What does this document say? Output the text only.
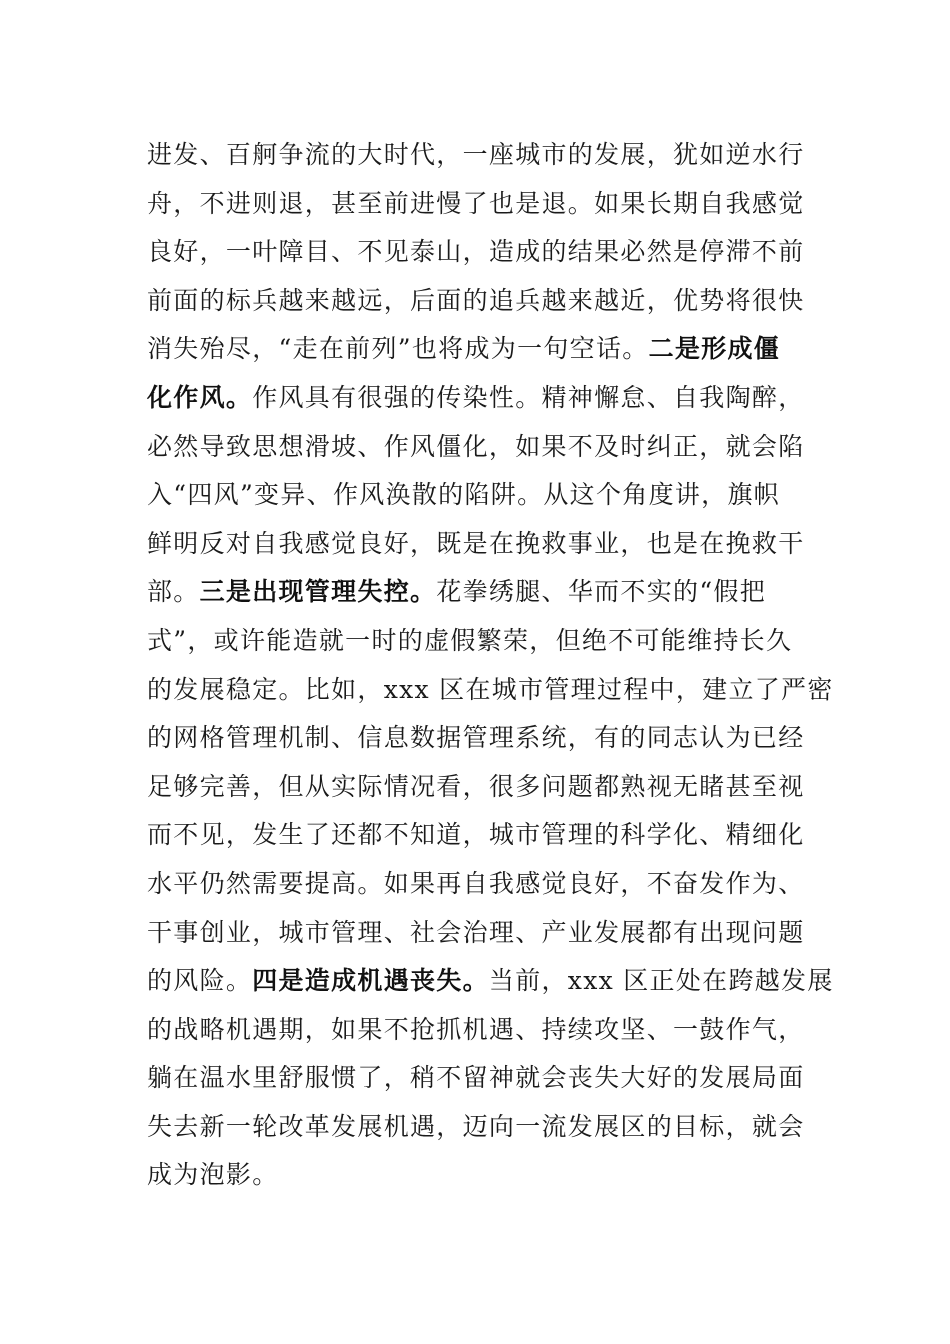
进发、百舸争流的大时代，一座城市的发展，犹如逆水行
舟，不进则退，甚至前进慢了也是退。如果长期自我感觉
良好，一叶障目、不见泰山，造成的结果必然是停滞不前
前面的标兵越来越远，后面的追兵越来越近，优势将很快
消失殆尽，“走在前列”也将成为一句空话。二是形成僵
化作风。作风具有很强的传染性。精神懈怠、自我陶醉，
必然导致思想滑坡、作风僵化，如果不及时纠正，就会陷
入“四风”变异、作风涣散的陷阱。从这个角度讲，旗帜
鲜明反对自我感觉良好，既是在挽救事业，也是在挽救干
部。三是出现管理失控。花拳绣腿、华而不实的“假把
式”，或许能造就一时的虚假繁荣，但绝不可能维持长久
的发展稳定。比如，xxx 区在城市管理过程中，建立了严密
的网格管理机制、信息数据管理系统，有的同志认为已经
足够完善，但从实际情况看，很多问题都熟视无睹甚至视
而不见，发生了还都不知道，城市管理的科学化、精细化
水平仍然需要提高。如果再自我感觉良好，不奋发作为、
干事创业，城市管理、社会治理、产业发展都有出现问题
的风险。四是造成机遇丧失。当前，xxx 区正处在跨越发展
的战略机遇期，如果不抢抓机遇、持续攻坚、一鼓作气，
躺在温水里舒服惯了，稍不留神就会丧失大好的发展局面
失去新一轮改革发展机遇，迈向一流发展区的目标，就会
成为泡影。
